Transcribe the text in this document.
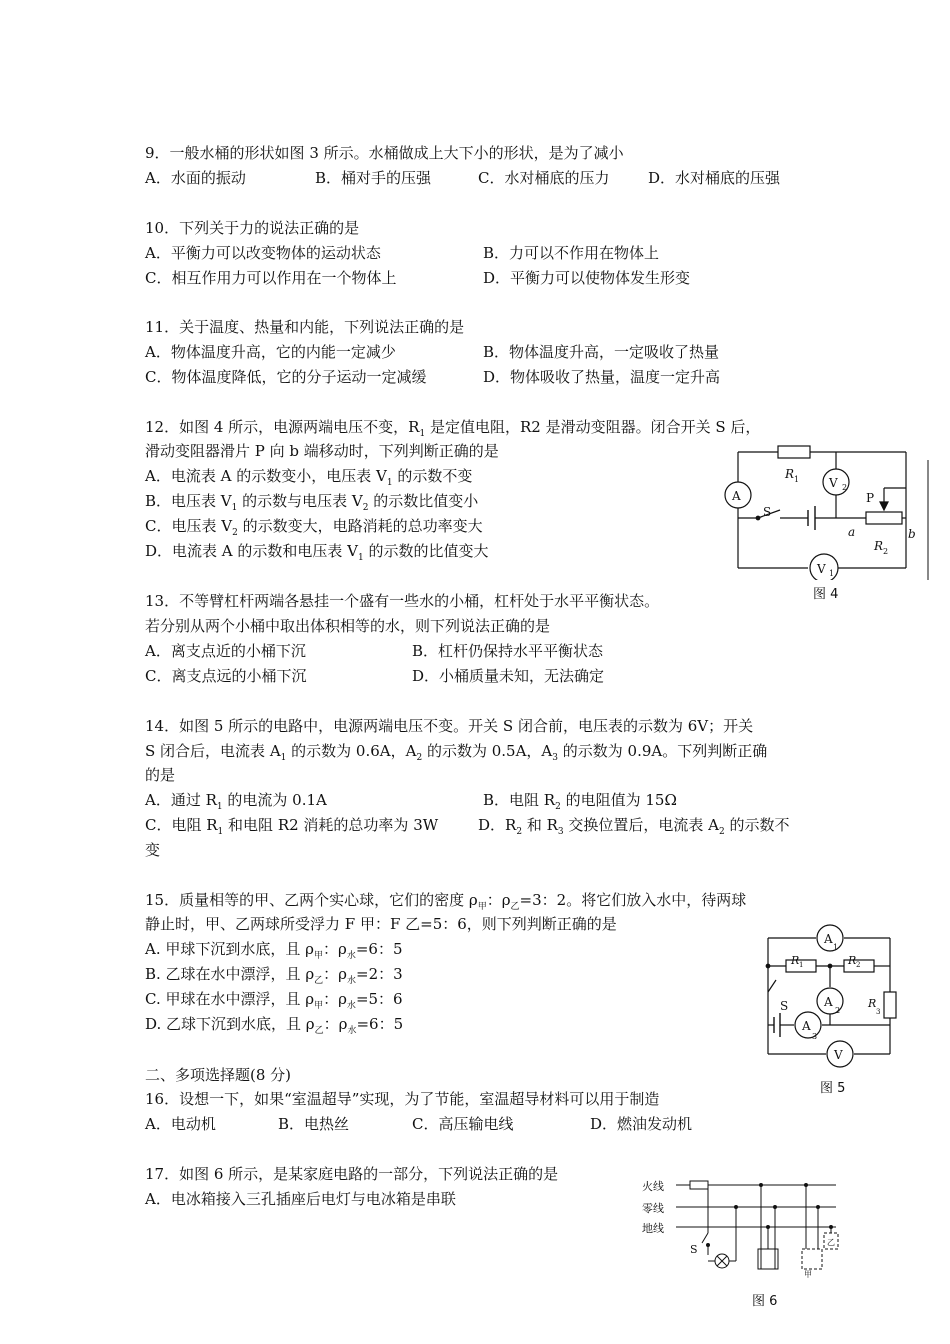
9．一般水桶的形状如图 3 所示。水桶做成上大下小的形状，是为了减小
A．水面的振动	B．桶对手的压强	C．水对桶底的压力	D．水对桶底的压强
10．下列关于力的说法正确的是
A．平衡力可以改变物体的运动状态	B．力可以不作用在物体上
C．相互作用力可以作用在一个物体上	D．平衡力可以使物体发生形变
11．关于温度、热量和内能，下列说法正确的是
A．物体温度升高，它的内能一定减少	B．物体温度升高，一定吸收了热量
C．物体温度降低，它的分子运动一定减缓	D．物体吸收了热量，温度一定升高
12．如图 4 所示，电源两端电压不变，$R_1$ 是定值电阻，R2 是滑动变阻器。闭合开关 S 后，
滑动变阻器滑片 P 向 b 端移动时，下列判断正确的是
A．电流表 A 的示数变小，电压表 $V_1$ 的示数不变
B．电压表 $V_1$ 的示数与电压表 $V_2$ 的示数比值变小
C．电压表 $V_2$ 的示数变大，电路消耗的总功率变大
D．电流表 A 的示数和电压表 $V_1$ 的示数的比值变大
A
V 2
V 1
R 1
P
S
a	b
R 2
图 4
13．不等臂杠杆两端各悬挂一个盛有一些水的小桶，杠杆处于水平平衡状态。
若分别从两个小桶中取出体积相等的水，则下列说法正确的是
A．离支点近的小桶下沉	B．杠杆仍保持水平平衡状态
C．离支点远的小桶下沉	D．小桶质量未知，无法确定
14．如图 5 所示的电路中，电源两端电压不变。开关 S 闭合前，电压表的示数为 6V；开关
S 闭合后，电流表 $A_1$ 的示数为 0.6A，$A_2$ 的示数为 0.5A，$A_3$ 的示数为 0.9A。下列判断正确
的是
A．通过 $R_1$ 的电流为 0.1A	B．电阻 $R_2$ 的电阻值为 15Ω
C．电阻 $R_1$ 和电阻 R2 消耗的总功率为 3W	D．$R_2$ 和 $R_3$ 交换位置后，电流表 $A_2$ 的示数不
变
15．质量相等的甲、乙两个实心球，它们的密度 $\rho_甲$：$\rho_乙=3$：2。将它们放入水中，待两球
静止时，甲、乙两球所受浮力 F 甲：F 乙=5：6，则下列判断正确的是
A. 甲球下沉到水底，且 $\rho_甲$：$\rho_水=6$：5
B. 乙球在水中漂浮，且 $\rho_乙$：$\rho_水=2$：3
C. 甲球在水中漂浮，且 $\rho_甲$：$\rho_水=5$：6
D. 乙球下沉到水底，且 $\rho_乙$：$\rho_水=6$：5
A
1
R 1	R 2
A
2
A
3
R
3
S
V
图 5
二、多项选择题(8 分)
16．设想一下，如果“室温超导”实现，为了节能，室温超导材料可以用于制造
A．电动机	B．电热丝	C．高压输电线	D．燃油发动机
17．如图 6 所示，是某家庭电路的一部分，下列说法正确的是
A．电冰箱接入三孔插座后电灯与电冰箱是串联
火线
零线
地线
S
甲
乙
图 6
